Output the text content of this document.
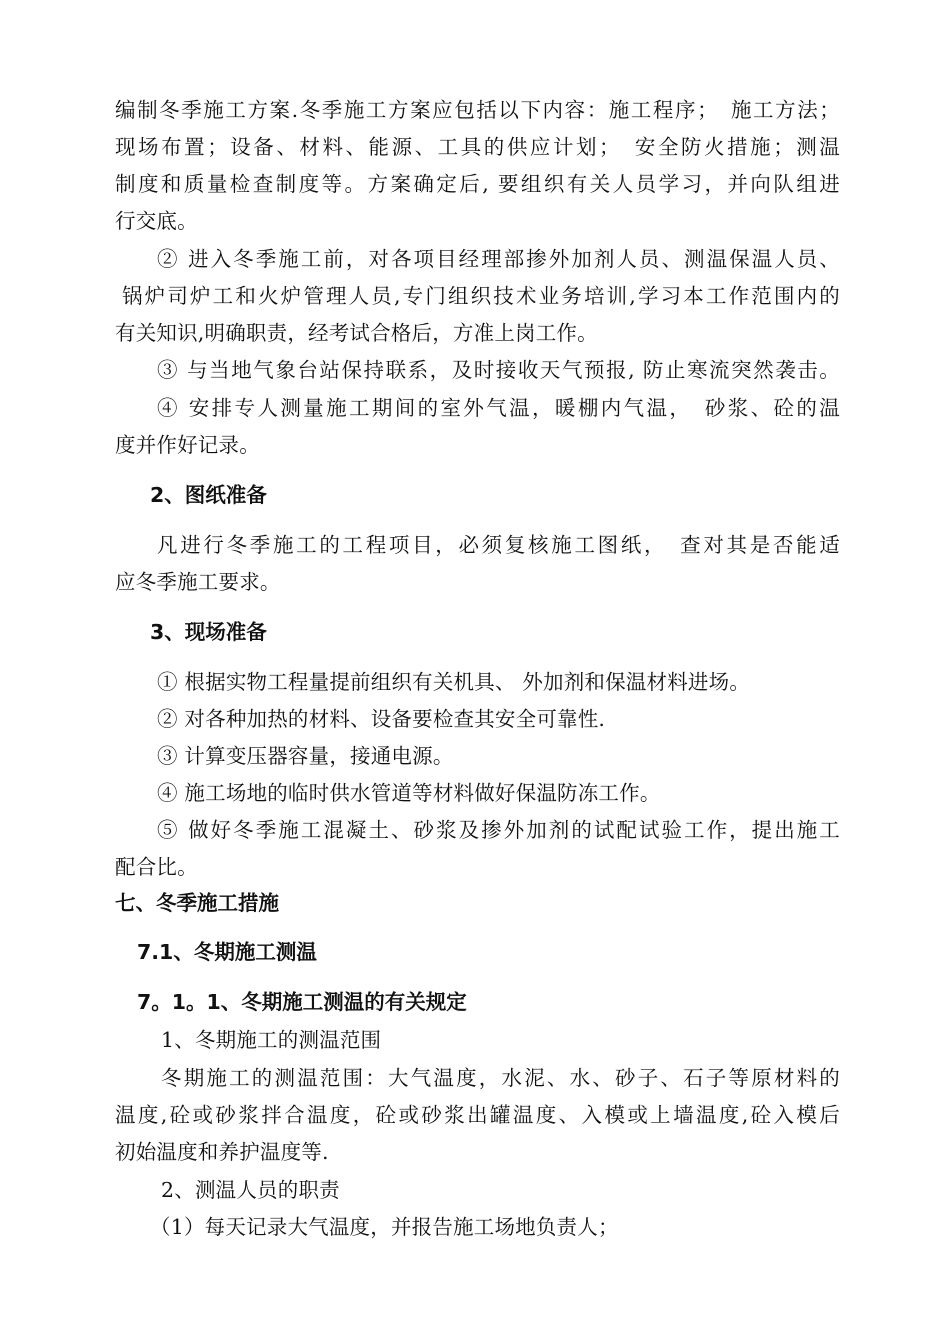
编制冬季施工方案.冬季施工方案应包括以下内容：施工程序；　施工方法；
现场布置；设备、材料、能源、工具的供应计划；　安全防火措施；测温
制度和质量检查制度等。方案确定后, 要组织有关人员学习，并向队组进
行交底。
② 进入冬季施工前，对各项目经理部掺外加剂人员、测温保温人员、
锅炉司炉工和火炉管理人员,专门组织技术业务培训,学习本工作范围内的
有关知识,明确职责，经考试合格后，方准上岗工作。
③ 与当地气象台站保持联系，及时接收天气预报, 防止寒流突然袭击。
④ 安排专人测量施工期间的室外气温，暖棚内气温，　砂浆、砼的温
度并作好记录。
2、图纸准备
凡进行冬季施工的工程项目，必须复核施工图纸，　查对其是否能适
应冬季施工要求。
3、现场准备
① 根据实物工程量提前组织有关机具、 外加剂和保温材料进场。
② 对各种加热的材料、设备要检查其安全可靠性.
③ 计算变压器容量，接通电源。
④ 施工场地的临时供水管道等材料做好保温防冻工作。
⑤ 做好冬季施工混凝土、砂浆及掺外加剂的试配试验工作，提出施工
配合比。
七、冬季施工措施
7.1、冬期施工测温
7。1。1、冬期施工测温的有关规定
1、冬期施工的测温范围
冬期施工的测温范围：大气温度，水泥、水、砂子、石子等原材料的
温度,砼或砂浆拌合温度，砼或砂浆出罐温度、入模或上墙温度,砼入模后
初始温度和养护温度等.
2、测温人员的职责
（1）每天记录大气温度，并报告施工场地负责人；
